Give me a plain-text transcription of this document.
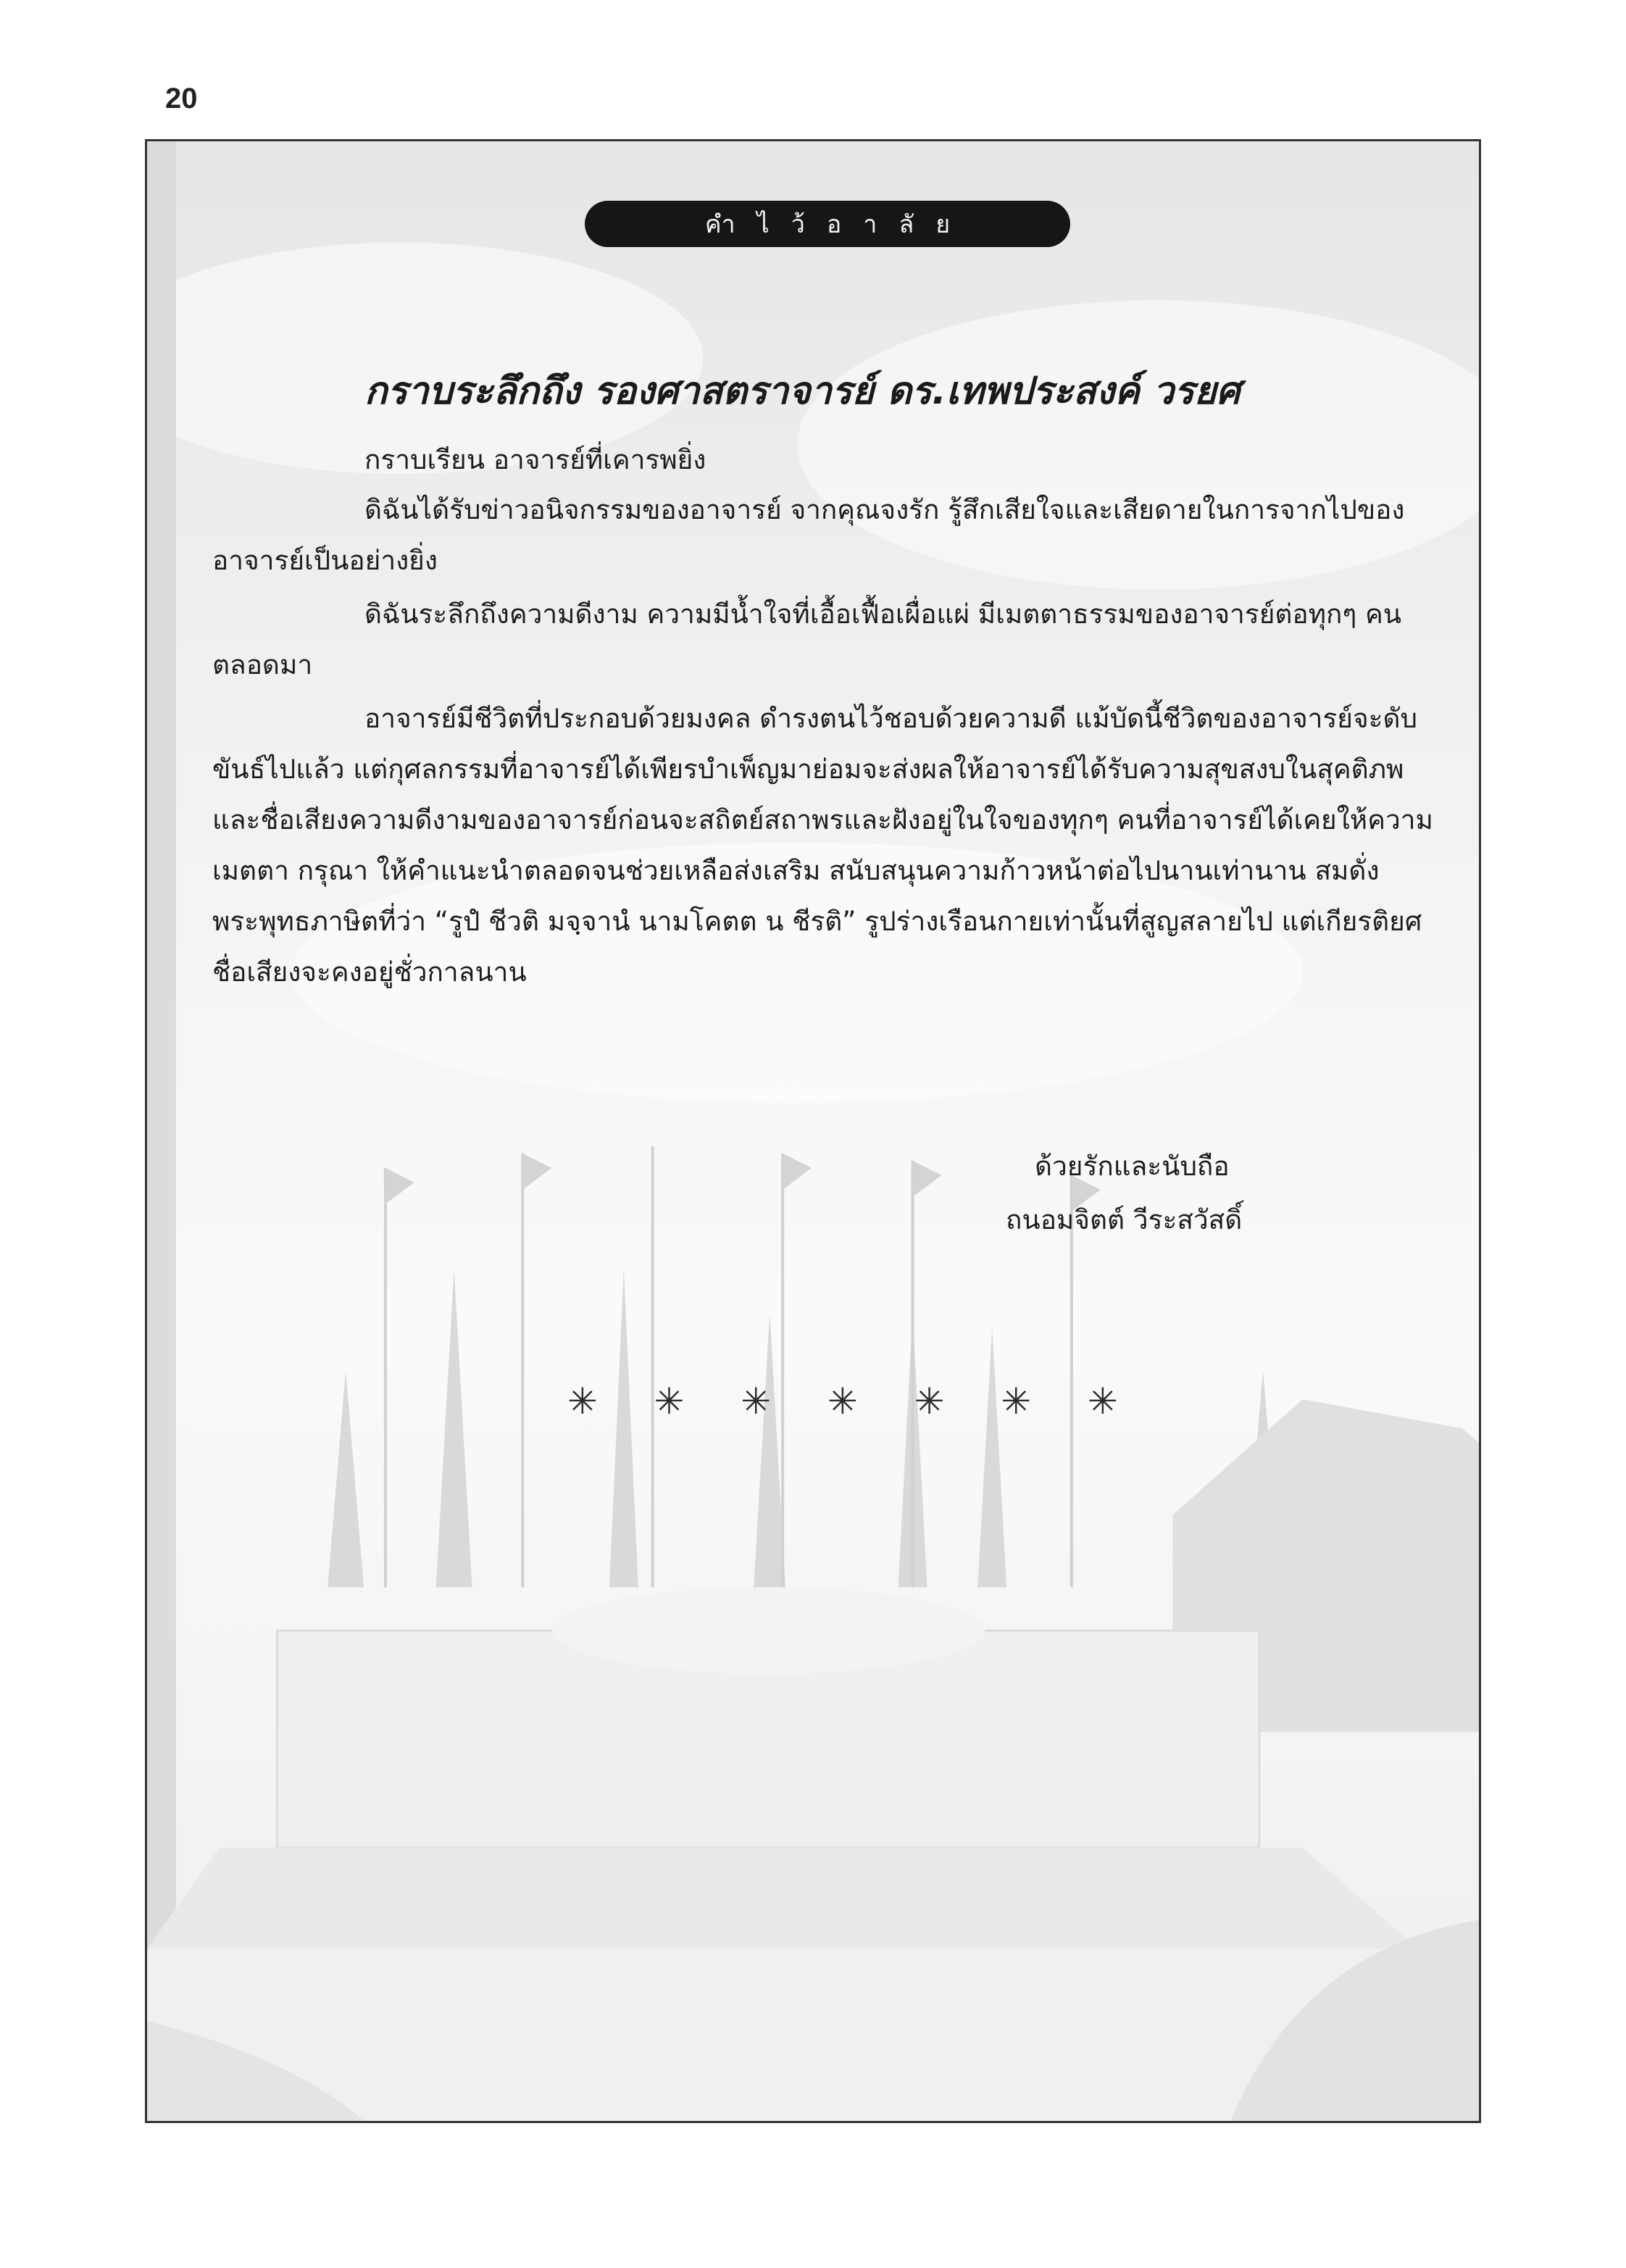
20
คำไว้อาลัย
กราบระลึกถึง รองศาสตราจารย์ ดร.เทพประสงค์ วรยศ
กราบเรียน อาจารย์ที่เคารพยิ่ง

ดิฉันได้รับข่าวอนิจกรรมของอาจารย์ จากคุณจงรัก รู้สึกเสียใจและเสียดายในการจากไปของอาจารย์เป็นอย่างยิ่ง

ดิฉันระลึกถึงความดีงาม ความมีน้ำใจที่เอื้อเฟื้อเผื่อแผ่ มีเมตตาธรรมของอาจารย์ต่อทุกๆ คนตลอดมา

อาจารย์มีชีวิตที่ประกอบด้วยมงคล ดำรงตนไว้ชอบด้วยความดี แม้บัดนี้ชีวิตของอาจารย์จะดับขันธ์ไปแล้ว แต่กุศลกรรมที่อาจารย์ได้เพียรบำเพ็ญมาย่อมจะส่งผลให้อาจารย์ได้รับความสุขสงบในสุคติภพ และชื่อเสียงความดีงามของอาจารย์ก่อนจะสถิตย์สถาพรและฝังอยู่ในใจของทุกๆ คนที่อาจารย์ได้เคยให้ความเมตตา กรุณา ให้คำแนะนำตลอดจนช่วยเหลือส่งเสริม สนับสนุนความก้าวหน้าต่อไปนานเท่านาน สมดั่งพระพุทธภาษิตที่ว่า “รูปํ ชีวติ มจฺจานํ นามโคตต น ชีรติ” รูปร่างเรือนกายเท่านั้นที่สูญสลายไป แต่เกียรติยศชื่อเสียงจะคงอยู่ชั่วกาลนาน

ด้วยรักและนับถือ
ถนอมจิตต์ วีระสวัสดิ์
✳ ✳ ✳ ✳ ✳ ✳ ✳
